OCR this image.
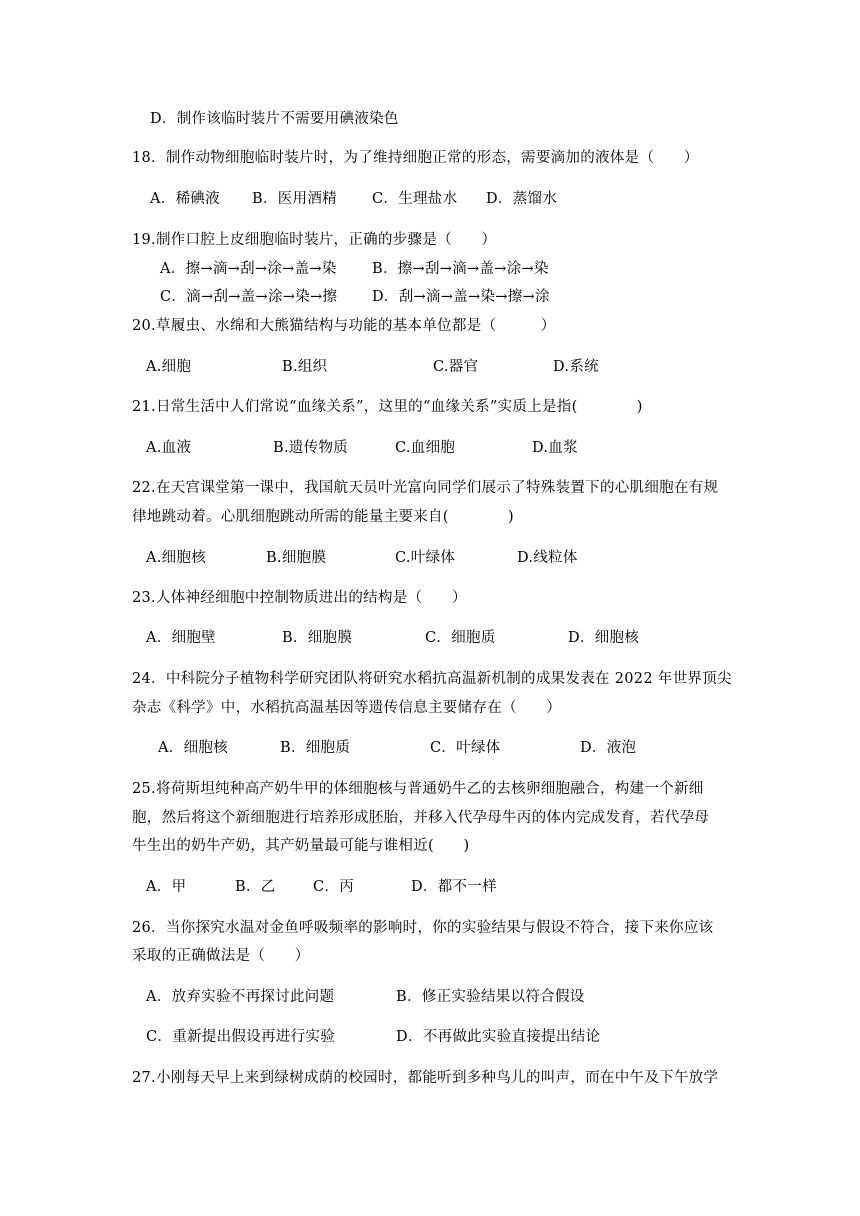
D．制作该临时装片不需要用碘液染色
18．制作动物细胞临时装片时，为了维持细胞正常的形态，需要滴加的液体是（　　）
A．稀碘液 B．医用酒精 C．生理盐水 D．蒸馏水
19.制作口腔上皮细胞临时装片，正确的步骤是（　　）
A．擦→滴→刮→涂→盖→染 B．擦→刮→滴→盖→涂→染
C．滴→刮→盖→涂→染→擦 D．刮→滴→盖→染→擦→涂
20.草履虫、水绵和大熊猫结构与功能的基本单位都是（　　　）
A.细胞	B.组织	C.器官	D.系统
21.日常生活中人们常说“血缘关系”，这里的“血缘关系”实质上是指(　　　　)
A.血液	B.遗传物质	C.血细胞	D.血浆
22.在天宫课堂第一课中，我国航天员叶光富向同学们展示了特殊装置下的心肌细胞在有规
律地跳动着。心肌细胞跳动所需的能量主要来自(　　　　)
A.细胞核	B.细胞膜	C.叶绿体	D.线粒体
23.人体神经细胞中控制物质进出的结构是（　　）
A．细胞壁	B．细胞膜	C．细胞质	D．细胞核
24．中科院分子植物科学研究团队将研究水稻抗高温新机制的成果发表在 2022 年世界顶尖
杂志《科学》中，水稻抗高温基因等遗传信息主要储存在（　　）
A．细胞核	B．细胞质	C．叶绿体	D．液泡
25.将荷斯坦纯种高产奶牛甲的体细胞核与普通奶牛乙的去核卵细胞融合，构建一个新细
胞，然后将这个新细胞进行培养形成胚胎，并移入代孕母牛丙的体内完成发育，若代孕母
牛生出的奶牛产奶，其产奶量最可能与谁相近(　　)
A．甲	B．乙	C．丙	D．都不一样
26．当你探究水温对金鱼呼吸频率的影响时，你的实验结果与假设不符合，接下来你应该
采取的正确做法是（　　）
A．放弃实验不再探讨此问题	B．修正实验结果以符合假设
C．重新提出假设再进行实验	D．不再做此实验直接提出结论
27.小刚每天早上来到绿树成荫的校园时，都能听到多种鸟儿的叫声，而在中午及下午放学
